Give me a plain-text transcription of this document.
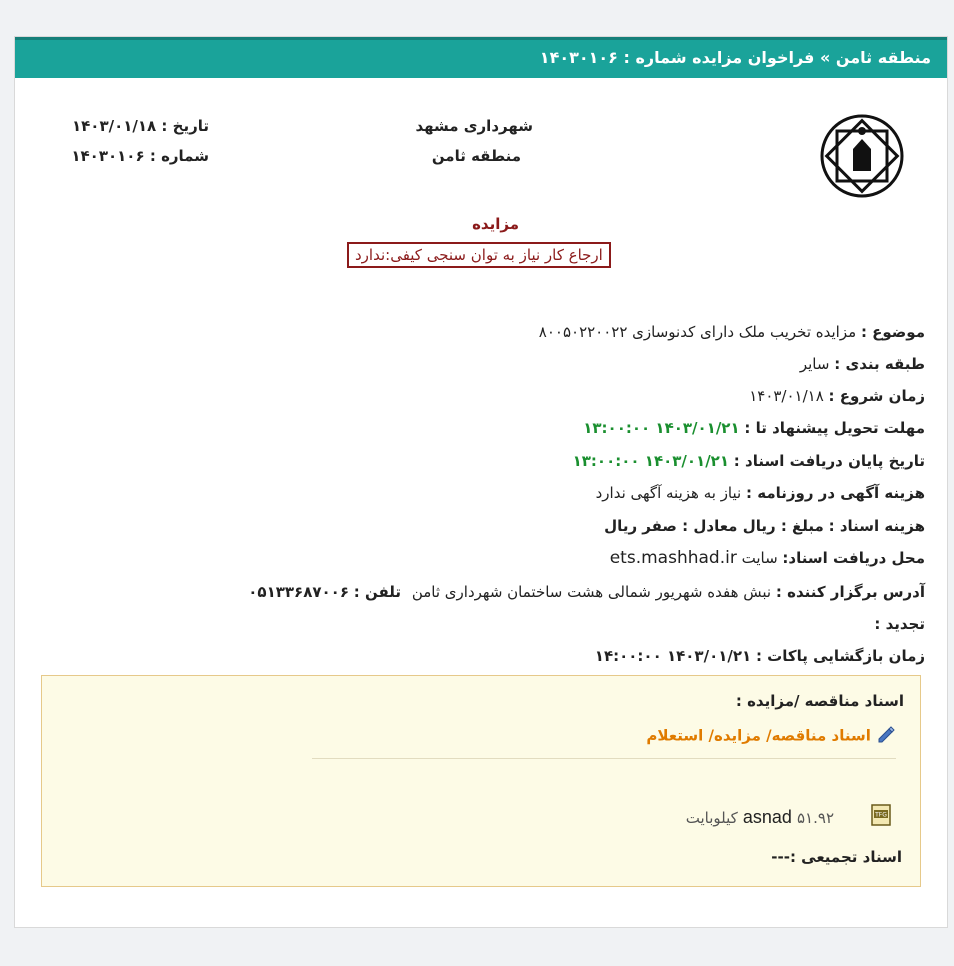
منطقه ثامن » فراخوان مزایده شماره : ۱۴۰۳۰۱۰۶
شهرداری مشهد
منطقه ثامن
تاریخ : ۱۴۰۳/۰۱/۱۸
شماره : ۱۴۰۳۰۱۰۶
مزایده
ارجاع کار نیاز به توان سنجی کیفی:ندارد
موضوع : مزایده تخریب ملک دارای کدنوسازی ۸۰۰۵۰۲۲۰۰۲۲
طبقه بندی : سایر
زمان شروع : ۱۴۰۳/۰۱/۱۸
مهلت تحویل پیشنهاد تا : ۱۴۰۳/۰۱/۲۱ ۱۳:۰۰:۰۰
تاریخ پایان دریافت اسناد : ۱۴۰۳/۰۱/۲۱ ۱۳:۰۰:۰۰
هزینه آگهی در روزنامه : نیاز به هزینه آگهی ندارد
هزینه اسناد : مبلغ : ریال معادل : صفر ریال
محل دریافت اسناد: سایت ets.mashhad.ir
آدرس برگزار کننده : نبش هفده شهریور شمالی هشت ساختمان شهرداری ثامن تلفن : ۰۵۱۳۳۶۸۷۰۰۶
تجدید :
زمان بازگشایی پاکات : ۱۴۰۳/۰۱/۲۱ ۱۴:۰۰:۰۰
اسناد مناقصه /مزایده :
اسناد مناقصه/ مزایده/ استعلام
TFG
asnad ۵۱.۹۲ کیلوبایت
اسناد تجمیعی :---
